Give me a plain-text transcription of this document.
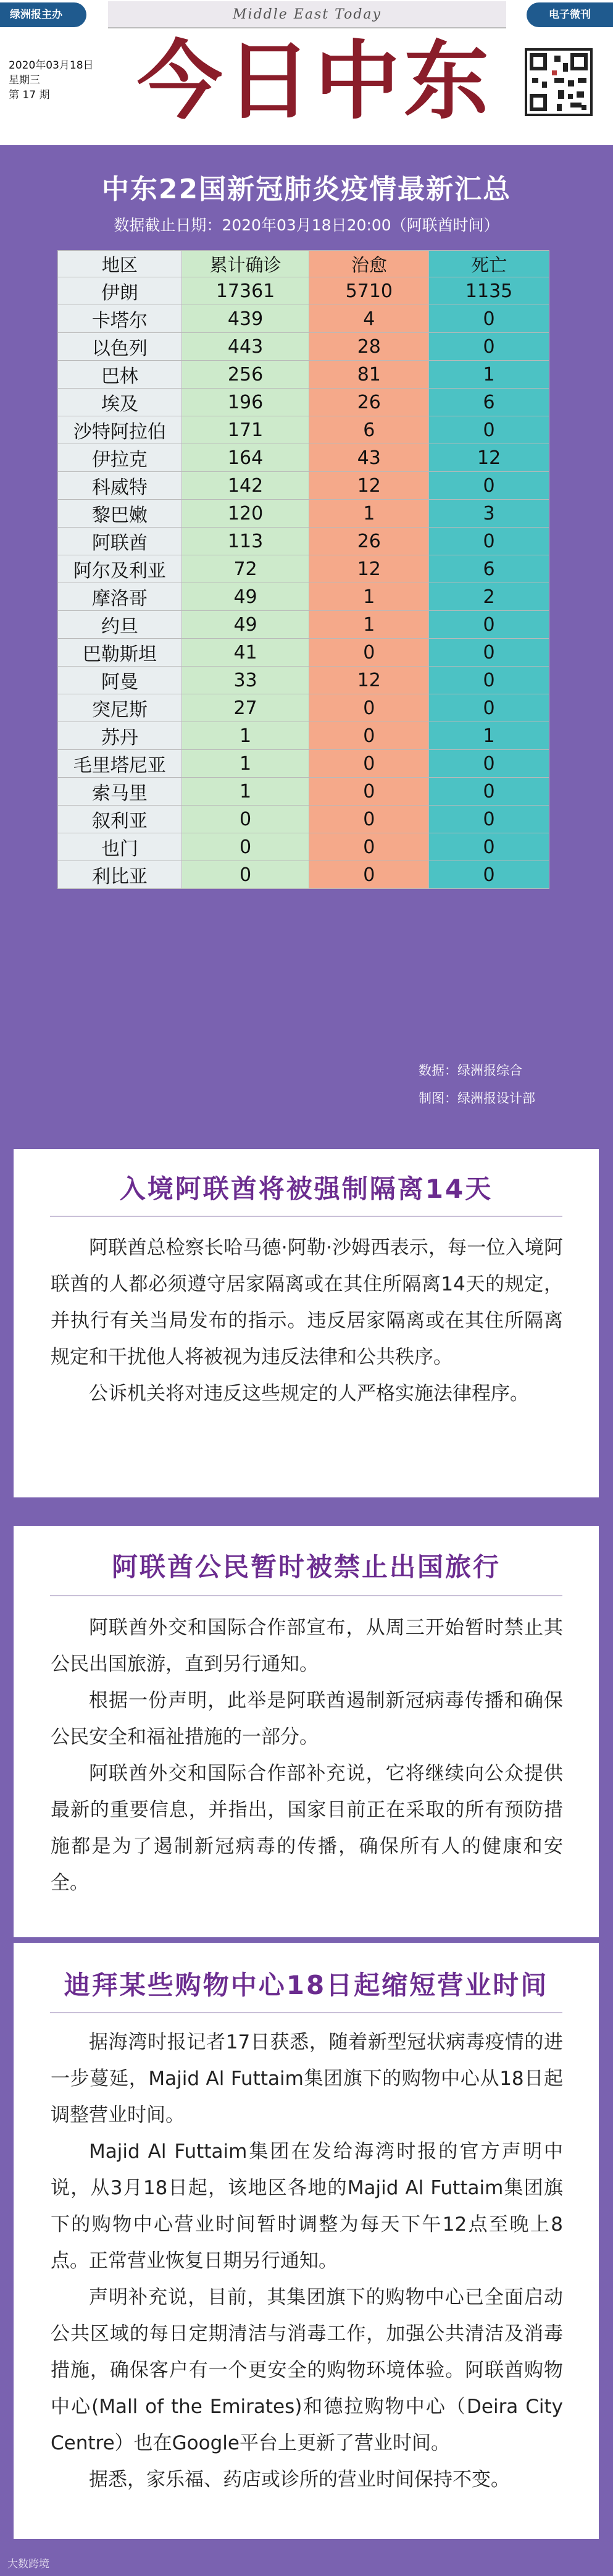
绿洲报主办	Middle East Today	电子微刊
2020年03月18日
星期三
第 17 期	今日中东
中东22国新冠肺炎疫情最新汇总
数据截止日期：2020年03月18日20:00（阿联酋时间）
地区	累计确诊	治愈	死亡
伊朗	17361	5710	1135
卡塔尔	439	4	0
以色列	443	28	0
巴林	256	81	1
埃及	196	26	6
沙特阿拉伯	171	6	0
伊拉克	164	43	12
科威特	142	12	0
黎巴嫩	120	1	3
阿联酋	113	26	0
阿尔及利亚	72	12	6
摩洛哥	49	1	2
约旦	49	1	0
巴勒斯坦	41	0	0
阿曼	33	12	0
突尼斯	27	0	0
苏丹	1	0	1
毛里塔尼亚	1	0	0
索马里	1	0	0
叙利亚	0	0	0
也门	0	0	0
利比亚	0	0	0
数据：绿洲报综合
制图：绿洲报设计部
入境阿联酋将被强制隔离14天

阿联酋总检察长哈马德·阿勒·沙姆西表示，每一位入境阿联酋的人都必须遵守居家隔离或在其住所隔离14天的规定，并执行有关当局发布的指示。违反居家隔离或在其住所隔离规定和干扰他人将被视为违反法律和公共秩序。

公诉机关将对违反这些规定的人严格实施法律程序。

阿联酋公民暂时被禁止出国旅行

阿联酋外交和国际合作部宣布，从周三开始暂时禁止其公民出国旅游，直到另行通知。

根据一份声明，此举是阿联酋遏制新冠病毒传播和确保公民安全和福祉措施的一部分。

阿联酋外交和国际合作部补充说，它将继续向公众提供最新的重要信息，并指出，国家目前正在采取的所有预防措施都是为了遏制新冠病毒的传播，确保所有人的健康和安全。

迪拜某些购物中心18日起缩短营业时间

据海湾时报记者17日获悉，随着新型冠状病毒疫情的进一步蔓延，Majid Al Futtaim集团旗下的购物中心从18日起调整营业时间。

Majid Al Futtaim集团在发给海湾时报的官方声明中说，从3月18日起，该地区各地的Majid Al Futtaim集团旗下的购物中心营业时间暂时调整为每天下午12点至晚上8点。正常营业恢复日期另行通知。

声明补充说，目前，其集团旗下的购物中心已全面启动公共区域的每日定期清洁与消毒工作，加强公共清洁及消毒措施，确保客户有一个更安全的购物环境体验。阿联酋购物中心(Mall of the Emirates)和德拉购物中心（Deira City Centre）也在Google平台上更新了营业时间。

据悉，家乐福、药店或诊所的营业时间保持不变。

大数跨境
